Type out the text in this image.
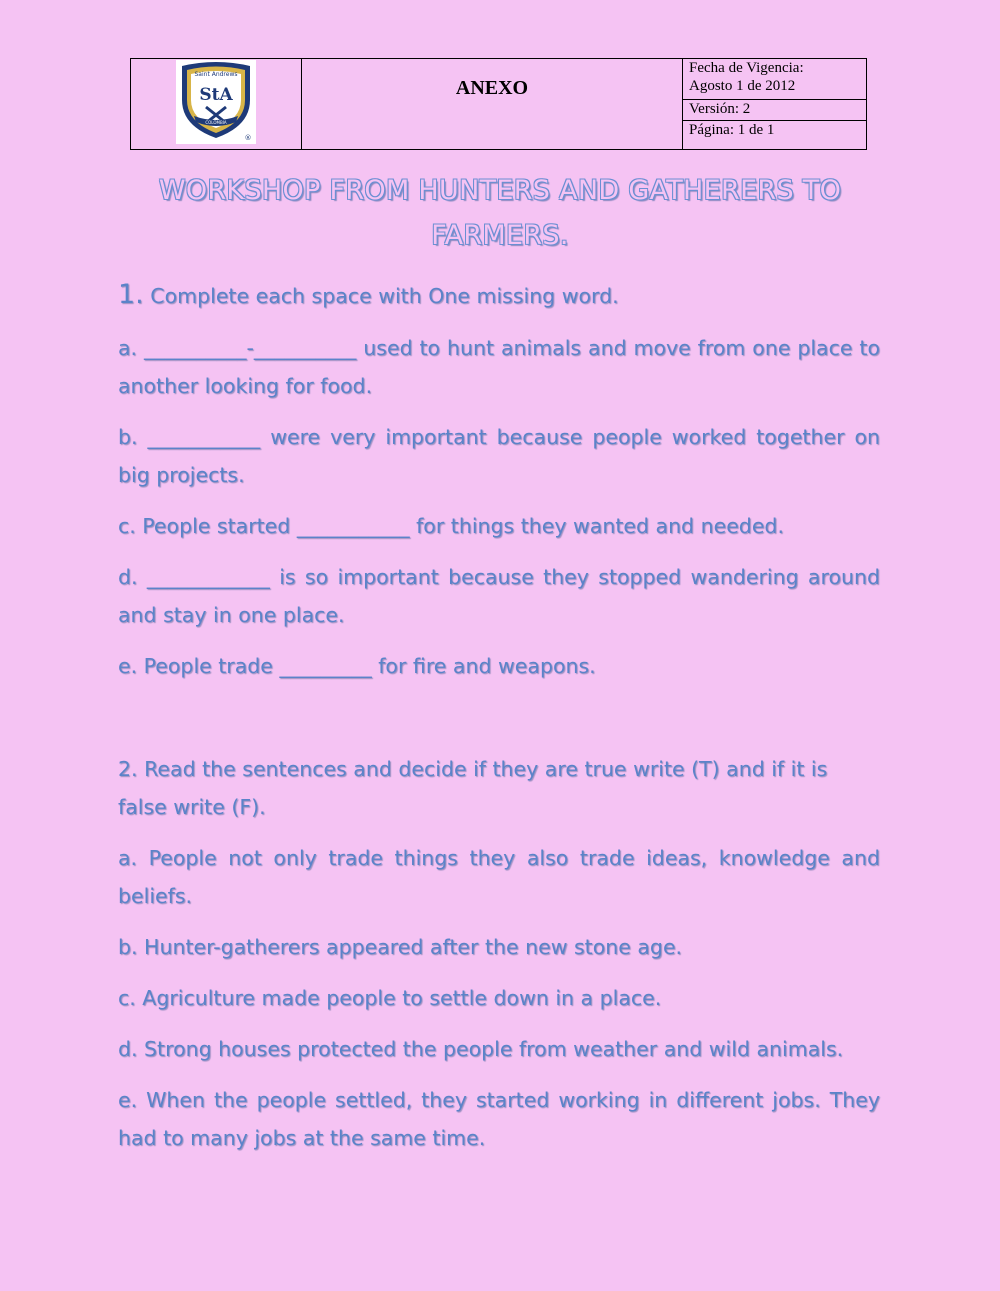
Saint Andrews
StA
COLOMBIA
®

ANEXO

Fecha de Vigencia:
Agosto 1 de 2012

Versión: 2
Página: 1 de 1
WORKSHOP FROM HUNTERS AND GATHERERS TO
FARMERS.
1. Complete each space with One missing word.
a. __________-__________ used to hunt animals and move from one place to another looking for food.
b. ___________ were very important because people worked together on big projects.
c. People started ___________ for things they wanted and needed.
d. ____________ is so important because they stopped wandering around and stay in one place.
e. People trade _________ for fire and weapons.
2. Read the sentences and decide if they are true write (T) and if it is false write (F).
a. People not only trade things they also trade ideas, knowledge and beliefs.
b. Hunter-gatherers appeared after the new stone age.
c. Agriculture made people to settle down in a place.
d. Strong houses protected the people from weather and wild animals.
e. When the people settled, they started working in different jobs. They had to many jobs at the same time.
